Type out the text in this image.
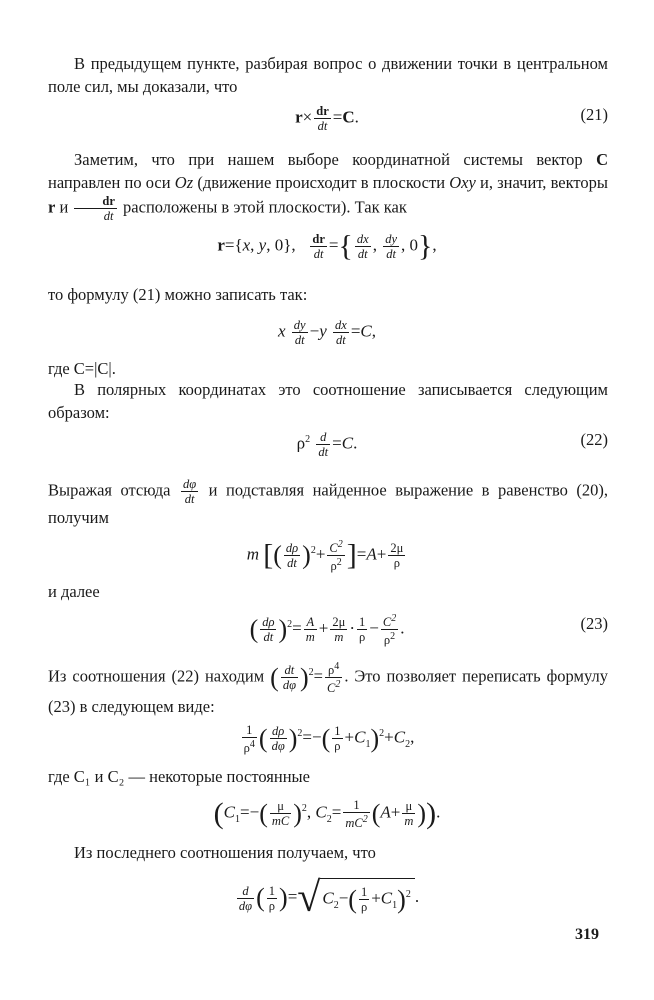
В предыдущем пункте, разбирая вопрос о движении точки в центральном поле сил, мы доказали, что
$r\times \frac{dr}{dt} =C$.	(21)
Заметим, что при нашем выборе координатной системы вектор C направлен по оси Oz (движение происходит в плоскости Oxy и, значит, векторы r и $\frac{dr}{dt}$ расположены в этой плоскости). Так как
r={x, y, 0}, $\frac{dr}{dt}$ ={ $\frac{dx}{dt}$ , $\frac{dy}{dt}$ , 0},
то формулу (21) можно записать так:
x $\frac{dy}{dt} -y \frac{dx}{dt} =C$,
где C=|C|.
В полярных координатах это соотношение записывается следующим образом:
$\rho^2 \frac{d}{dt} =C$.	(22)
Выражая отсюда $\frac{d\varphi}{dt}$ и подставляя найденное выражение в равенство (20), получим
m [( $\frac{d\rho}{dt} )^2+ \frac{C^2}{\rho^2} ]=A+ \frac{2\mu}{\rho}$
и далее
( $\frac{d\rho}{dt} )^2= \frac{A}{m} + \frac{2\mu}{m} \cdot \frac{1}{\rho} - \frac{C^2}{\rho^2}$ .	(23)
Из соотношения (22) находим ( $\frac{dt}{d\varphi} )^2= \frac{\rho^4}{C^2}$ . Это позволяет переписать формулу (23) в следующем виде:
$\frac{1}{\rho^4}$ ( $\frac{d\rho}{d\varphi} )^2=-( \frac{1}{\rho} +C_1)^2+C_2$,
где C₁ и C₂ — некоторые постоянные
($C_1=-( \frac{\mu}{mC} )^2$, $C_2= \frac{1}{mC^2} (A+ \frac{\mu}{m}$ )).
Из последнего соотношения получаем, что
$\frac{d}{d\varphi}$ ( $\frac{1}{\rho}$ )=√ $C_2-( \frac{1}{\rho} +C_1)^2$ .
319
